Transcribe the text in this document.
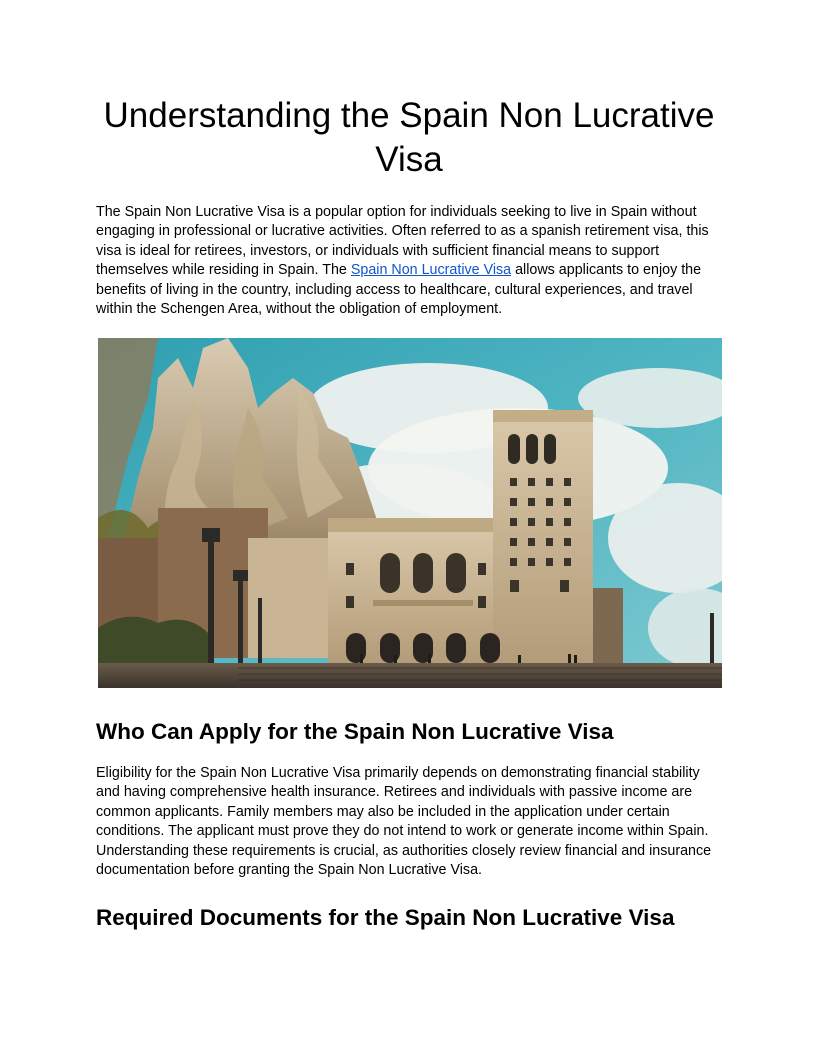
Understanding the Spain Non Lucrative Visa

The Spain Non Lucrative Visa is a popular option for individuals seeking to live in Spain without engaging in professional or lucrative activities. Often referred to as a spanish retirement visa, this visa is ideal for retirees, investors, or individuals with sufficient financial means to support themselves while residing in Spain. The Spain Non Lucrative Visa allows applicants to enjoy the benefits of living in the country, including access to healthcare, cultural experiences, and travel within the Schengen Area, without the obligation of employment.

Who Can Apply for the Spain Non Lucrative Visa

Eligibility for the Spain Non Lucrative Visa primarily depends on demonstrating financial stability and having comprehensive health insurance. Retirees and individuals with passive income are common applicants. Family members may also be included in the application under certain conditions. The applicant must prove they do not intend to work or generate income within Spain. Understanding these requirements is crucial, as authorities closely review financial and insurance documentation before granting the Spain Non Lucrative Visa.

Required Documents for the Spain Non Lucrative Visa
